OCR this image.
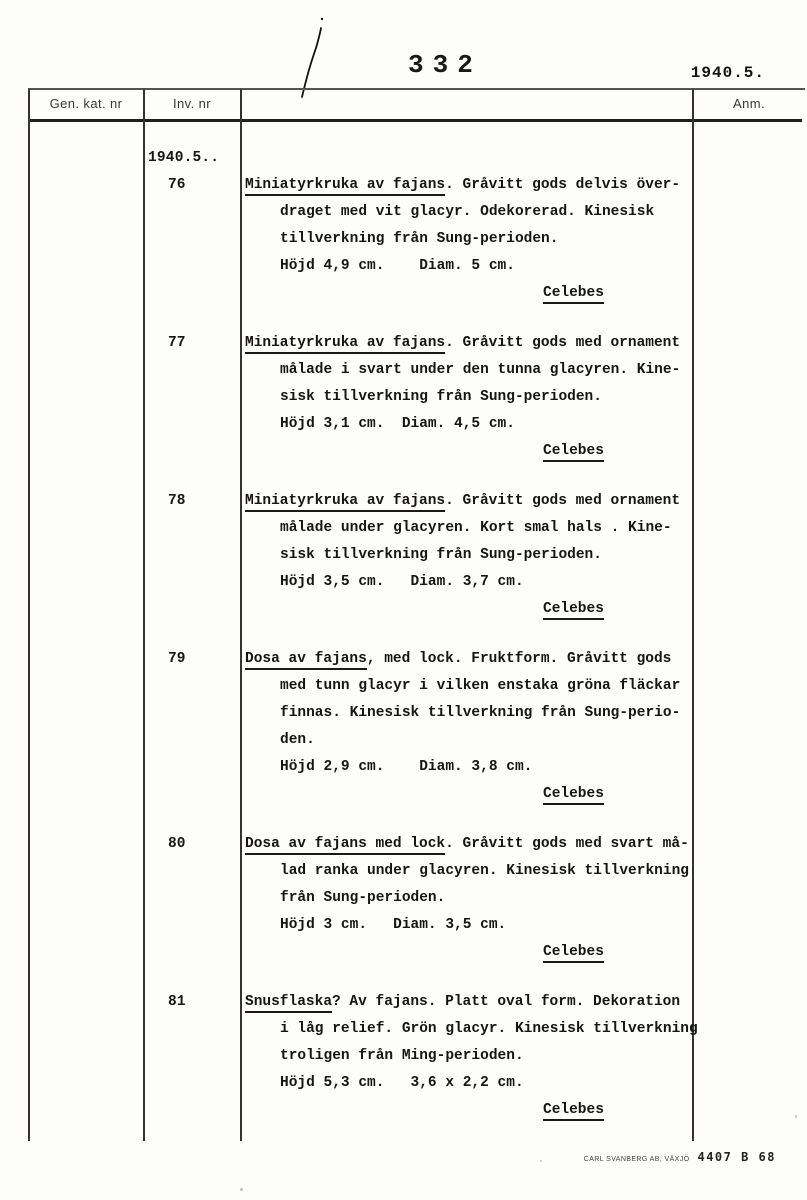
332	1940.5.
Gen. kat. nr	Inv. nr	Anm.
1940.5..
76	Miniatyrkruka av fajans. Gråvitt gods delvis över-
draget med vit glacyr. Odekorerad. Kinesisk
tillverkning från Sung-perioden.
Höjd 4,9 cm.    Diam. 5 cm.
Celebes
77	Miniatyrkruka av fajans. Gråvitt gods med ornament
målade i svart under den tunna glacyren. Kine-
sisk tillverkning från Sung-perioden.
Höjd 3,1 cm.  Diam. 4,5 cm.
Celebes
78	Miniatyrkruka av fajans. Gråvitt gods med ornament
målade under glacyren. Kort smal hals . Kine-
sisk tillverkning från Sung-perioden.
Höjd 3,5 cm.   Diam. 3,7 cm.
Celebes
79	Dosa av fajans, med lock. Fruktform. Gråvitt gods
med tunn glacyr i vilken enstaka gröna fläckar
finnas. Kinesisk tillverkning från Sung-perio-
den.
Höjd 2,9 cm.    Diam. 3,8 cm.
Celebes
80	Dosa av fajans med lock. Gråvitt gods med svart må-
lad ranka under glacyren. Kinesisk tillverkning
från Sung-perioden.
Höjd 3 cm.   Diam. 3,5 cm.
Celebes
81	Snusflaska? Av fajans. Platt oval form. Dekoration
i låg relief. Grön glacyr. Kinesisk tillverkning
troligen från Ming-perioden.
Höjd 5,3 cm.   3,6 x 2,2 cm.
Celebes
CARL SVANBERG AB, VÄXJÖ 4407 B 68
